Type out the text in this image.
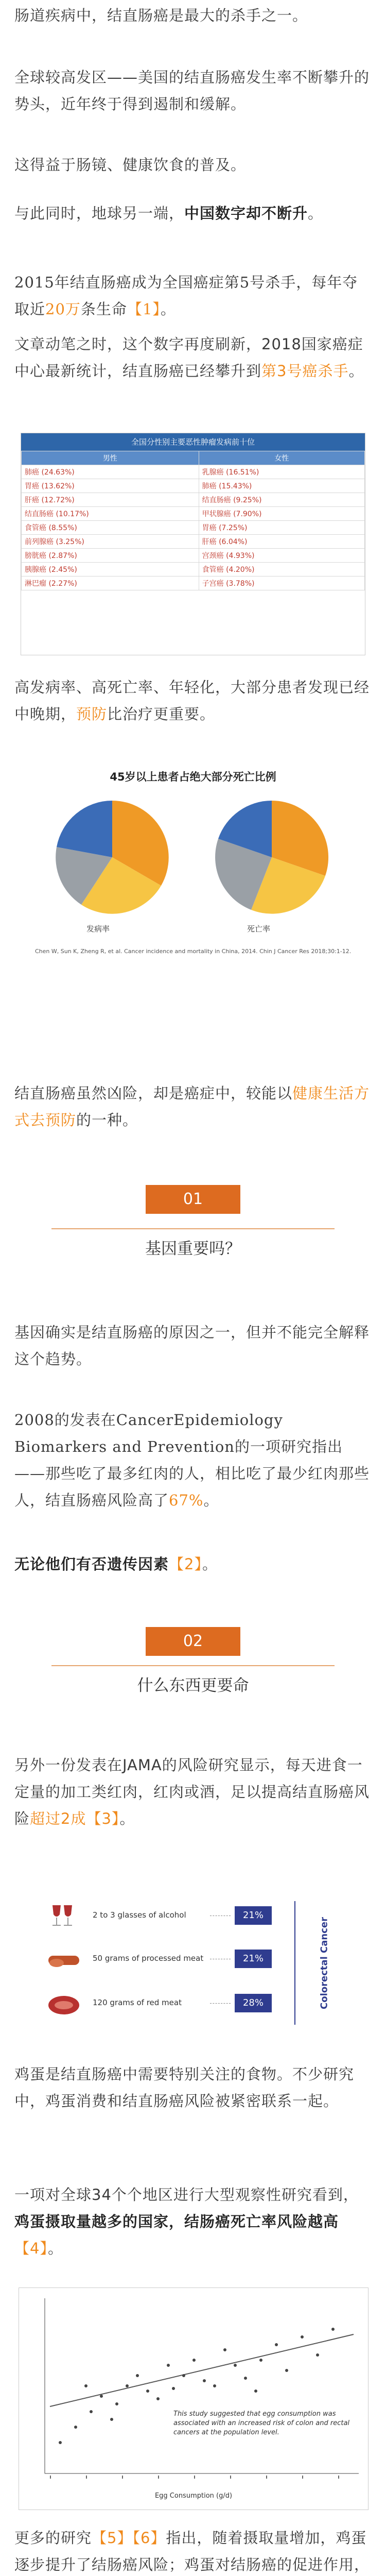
肠道疾病中，结直肠癌是最大的杀手之一。
全球较高发区——美国的结直肠癌发生率不断攀升的势头，近年终于得到遏制和缓解。
这得益于肠镜、健康饮食的普及。
与此同时，地球另一端，中国数字却不断升。
2015年结直肠癌成为全国癌症第5号杀手，每年夺取近20万条生命【1】。
文章动笔之时，这个数字再度刷新，2018国家癌症中心最新统计，结直肠癌已经攀升到第3号癌杀手。
全国分性别主要恶性肿瘤发病前十位
男性	女性
肺癌 (24.63%)	乳腺癌 (16.51%)
胃癌 (13.62%)	肺癌 (15.43%)
肝癌 (12.72%)	结直肠癌 (9.25%)
结直肠癌 (10.17%)	甲状腺癌 (7.90%)
食管癌 (8.55%)	胃癌 (7.25%)
前列腺癌 (3.25%)	肝癌 (6.04%)
膀胱癌 (2.87%)	宫颈癌 (4.93%)
胰腺癌 (2.45%)	食管癌 (4.20%)
淋巴瘤 (2.27%)	子宫癌 (3.78%)
高发病率、高死亡率、年轻化，大部分患者发现已经中晚期，预防比治疗更重要。
45岁以上患者占绝大部分死亡比例
发病率	死亡率
Chen W, Sun K, Zheng R, et al. Cancer incidence and mortality in China, 2014. Chin J Cancer Res 2018;30:1-12.
结直肠癌虽然凶险，却是癌症中，较能以健康生活方式去预防的一种。
01
基因重要吗？
基因确实是结直肠癌的原因之一，但并不能完全解释这个趋势。
2008的发表在CancerEpidemiology Biomarkers and Prevention的一项研究指出——那些吃了最多红肉的人，相比吃了最少红肉那些人，结直肠癌风险高了67%。
无论他们有否遗传因素【2】。
02
什么东西更要命
另外一份发表在JAMA的风险研究显示，每天进食一定量的加工类红肉，红肉或酒，足以提高结直肠癌风险超过2成【3】。
2 to 3 glasses of alcohol
50 grams of processed meat
120 grams of red meat
21%
21%
28%	Colorectal Cancer
鸡蛋是结直肠癌中需要特别关注的食物。不少研究中，鸡蛋消费和结直肠癌风险被紧密联系一起。
一项对全球34个个地区进行大型观察性研究看到，鸡蛋摄取量越多的国家，结肠癌死亡率风险越高【4】。
This study suggested that egg consumption was associated with an increased risk of colon and rectal cancers at the population level.
Egg Consumption (g/d)
更多的研究【5】【6】指出，随着摄取量增加，鸡蛋逐步提升了结肠癌风险；鸡蛋对结肠癌的促进作用，
